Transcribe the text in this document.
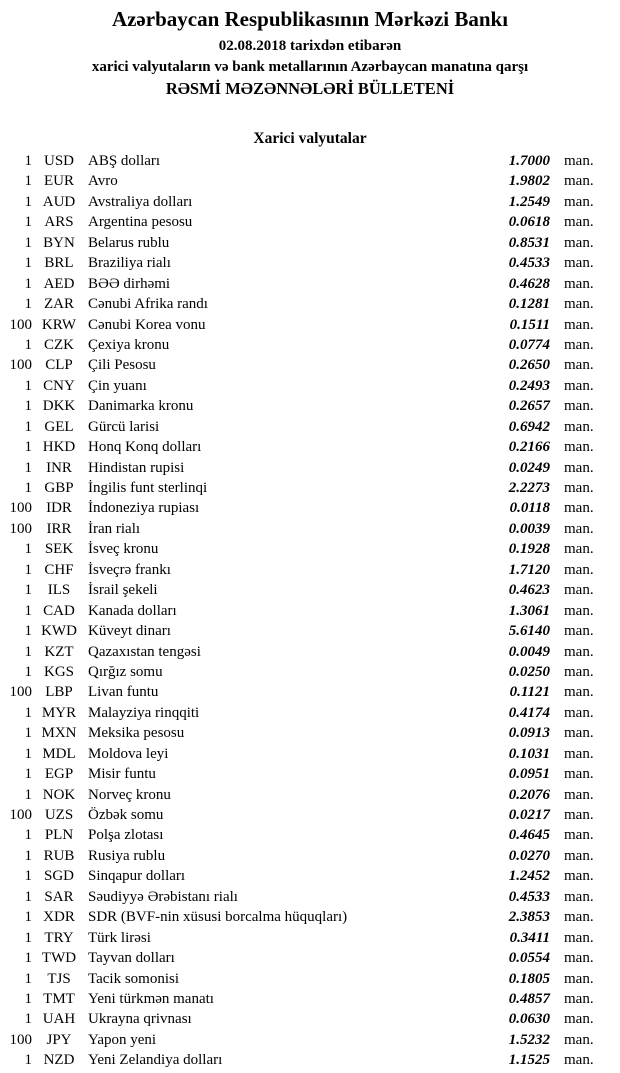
Azərbaycan Respublikasının Mərkəzi Bankı
02.08.2018 tarixdən etibarən
xarici valyutaların və bank metallarının Azərbaycan manatına qarşı
RƏSMİ MƏZƏNNƏLƏRİ BÜLLETENİ
Xarici valyutalar
1 USD ABŞ dolları	1.7000 man.
1 EUR Avro	1.9802 man.
1 AUD Avstraliya dolları	1.2549 man.
1 ARS Argentina pesosu	0.0618 man.
1 BYN Belarus rublu	0.8531 man.
1 BRL Braziliya rialı	0.4533 man.
1 AED BƏƏ dirhəmi	0.4628 man.
1 ZAR Cənubi Afrika randı	0.1281 man.
100 KRW Cənubi Korea vonu	0.1511 man.
1 CZK Çexiya kronu	0.0774 man.
100 CLP	Çili Pesosu	0.2650 man.
1 CNY Çin yuanı	0.2493 man.
1 DKK Danimarka kronu	0.2657 man.
1 GEL Gürcü larisi	0.6942 man.
1 HKD Honq Konq dolları	0.2166 man.
1 INR	Hindistan rupisi	0.0249 man.
1 GBP İngilis funt sterlinqi	2.2273 man.
100 IDR	İndoneziya rupiası	0.0118 man.
100 IRR	İran rialı	0.0039 man.
1 SEK İsveç kronu	0.1928 man.
1 CHF İsveçrə frankı	1.7120 man.
1	ILS	İsrail şekeli	0.4623 man.
1 CAD Kanada dolları	1.3061 man.
1 KWD Küveyt dinarı	5.6140 man.
1 KZT Qazaxıstan tengəsi	0.0049 man.
1 KGS Qırğız somu	0.0250 man.
100 LBP	Livan funtu	0.1121 man.
1 MYR Malayziya rinqqiti	0.4174 man.
1 MXN Meksika pesosu	0.0913 man.
1 MDL Moldova leyi	0.1031 man.
1 EGP Misir funtu	0.0951 man.
1 NOK Norveç kronu	0.2076 man.
100 UZS Özbək somu	0.0217 man.
1 PLN Polşa zlotası	0.4645 man.
1 RUB Rusiya rublu	0.0270 man.
1 SGD Sinqapur dolları	1.2452 man.
1 SAR Səudiyyə Ərəbistanı rialı	0.4533 man.
1 XDR SDR (BVF-nin xüsusi borcalma hüquqları)	2.3853 man.
1 TRY Türk lirəsi	0.3411 man.
1 TWD Tayvan dolları	0.0554 man.
1	TJS	Tacik somonisi	0.1805 man.
1 TMT Yeni türkmən manatı	0.4857 man.
1 UAH Ukrayna qrivnası	0.0630 man.
100 JPY	Yapon yeni	1.5232 man.
1 NZD Yeni Zelandiya dolları	1.1525 man.
